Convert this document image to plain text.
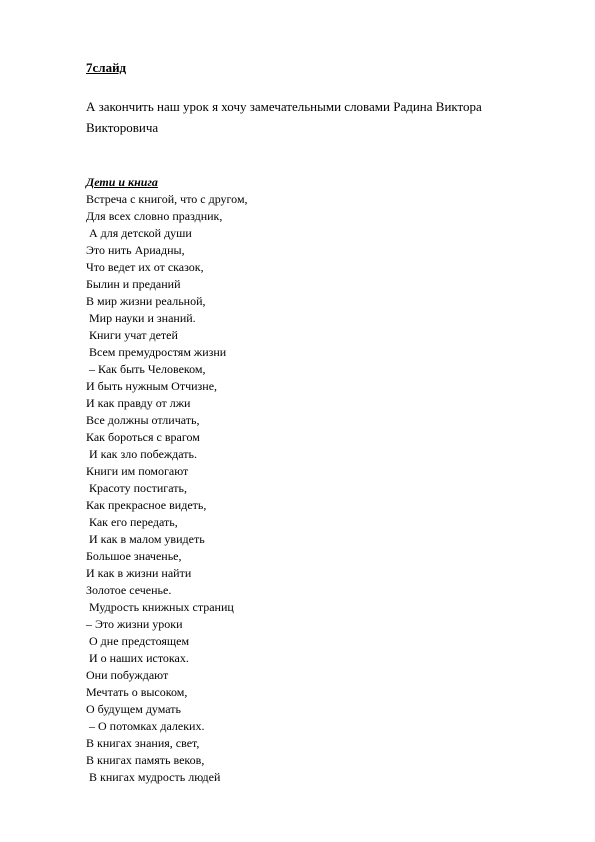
7слайд
А закончить наш урок я хочу замечательными словами Радина Виктора
Викторовича
Дети и книга
Встреча с книгой, что с другом,
Для всех словно праздник,
А для детской души
Это нить Ариадны,
Что ведет их от сказок,
Былин и преданий
В мир жизни реальной,
Мир науки и знаний.
Книги учат детей
Всем премудростям жизни
– Как быть Человеком,
И быть нужным Отчизне,
И как правду от лжи
Все должны отличать,
Как бороться с врагом
И как зло побеждать.
Книги им помогают
Красоту постигать,
Как прекрасное видеть,
Как его передать,
И как в малом увидеть
Большое значенье,
И как в жизни найти
Золотое сеченье.
Мудрость книжных страниц
– Это жизни уроки
О дне предстоящем
И о наших истоках.
Они побуждают
Мечтать о высоком,
О будущем думать
– О потомках далеких.
В книгах знания, свет,
В книгах память веков,
В книгах мудрость людей
